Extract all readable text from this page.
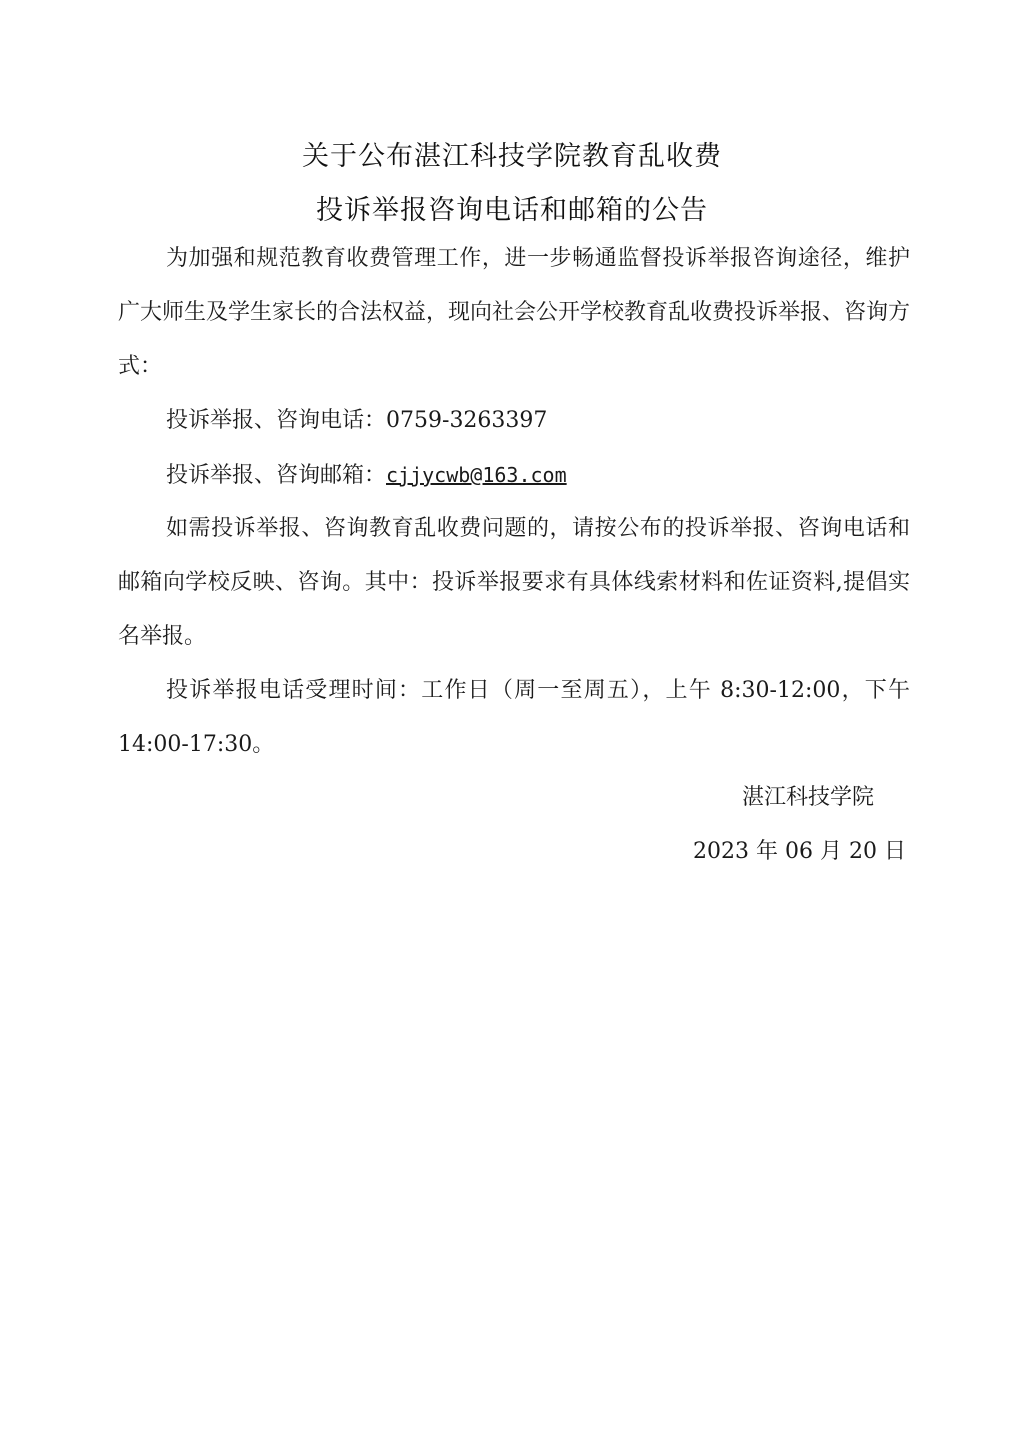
关于公布湛江科技学院教育乱收费
投诉举报咨询电话和邮箱的公告
为加强和规范教育收费管理工作，进一步畅通监督投诉举报咨询途径，维护广大师生及学生家长的合法权益，现向社会公开学校教育乱收费投诉举报、咨询方式：
投诉举报、咨询电话：0759-3263397
投诉举报、咨询邮箱：cjjycwb@163.com
如需投诉举报、咨询教育乱收费问题的，请按公布的投诉举报、咨询电话和邮箱向学校反映、咨询。其中：投诉举报要求有具体线索材料和佐证资料,提倡实名举报。
投诉举报电话受理时间：工作日（周一至周五），上午 8:30-12:00，下午 14:00-17:30。
湛江科技学院
2023 年 06 月 20 日
